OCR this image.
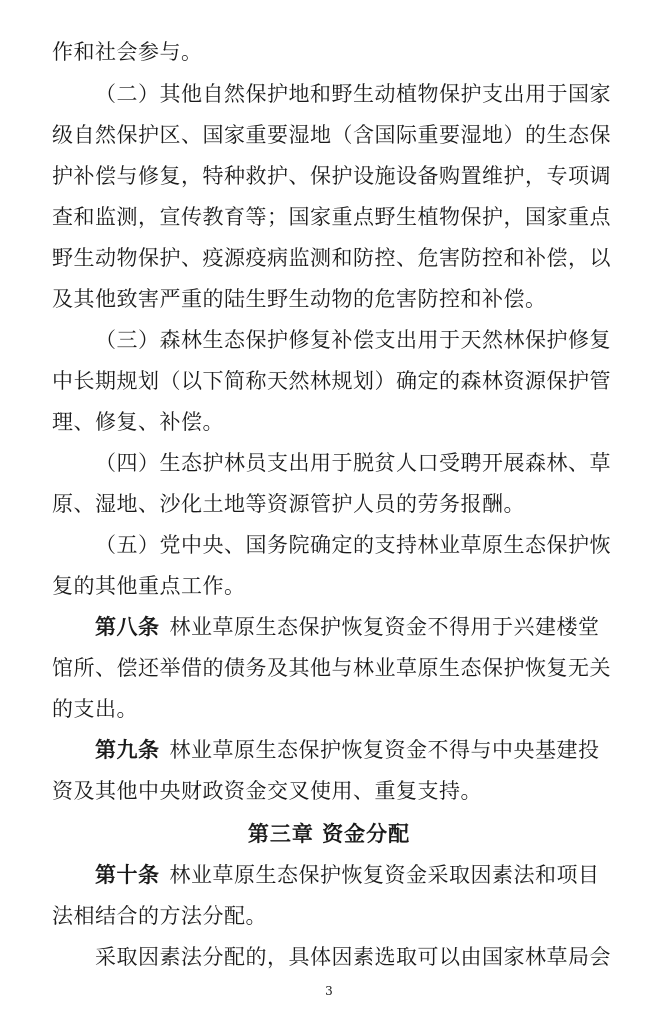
作和社会参与。
（二）其他自然保护地和野生动植物保护支出用于国家
级自然保护区、国家重要湿地（含国际重要湿地）的生态保
护补偿与修复，特种救护、保护设施设备购置维护，专项调
查和监测，宣传教育等；国家重点野生植物保护，国家重点
野生动物保护、疫源疫病监测和防控、危害防控和补偿，以
及其他致害严重的陆生野生动物的危害防控和补偿。
（三）森林生态保护修复补偿支出用于天然林保护修复
中长期规划（以下简称天然林规划）确定的森林资源保护管
理、修复、补偿。
（四）生态护林员支出用于脱贫人口受聘开展森林、草
原、湿地、沙化土地等资源管护人员的劳务报酬。
（五）党中央、国务院确定的支持林业草原生态保护恢
复的其他重点工作。
第八条 林业草原生态保护恢复资金不得用于兴建楼堂
馆所、偿还举借的债务及其他与林业草原生态保护恢复无关
的支出。
第九条 林业草原生态保护恢复资金不得与中央基建投
资及其他中央财政资金交叉使用、重复支持。
第三章 资金分配
第十条 林业草原生态保护恢复资金采取因素法和项目
法相结合的方法分配。
3
采取因素法分配的，具体因素选取可以由国家林草局会
